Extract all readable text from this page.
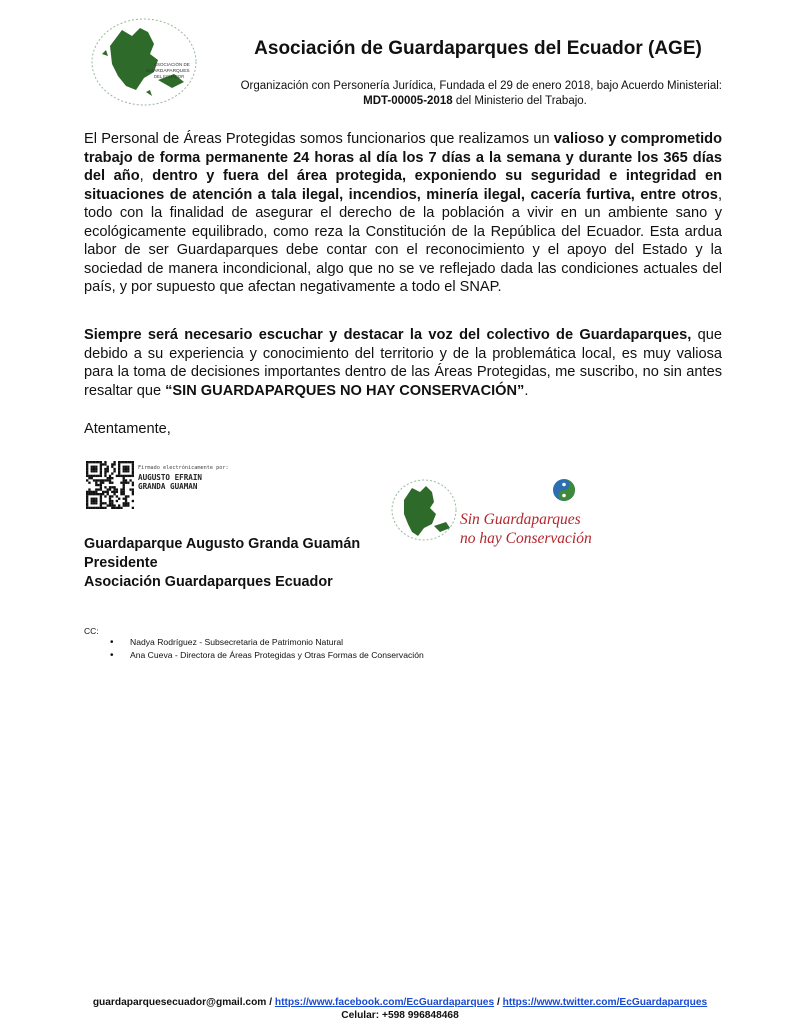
ASOCIACIÓN DE
GUARDAPARQUES
DEL ECUADOR
Asociación de Guardaparques del Ecuador (AGE)
Organización con Personería Jurídica, Fundada el 29 de enero 2018, bajo Acuerdo Ministerial:
MDT-00005-2018 del Ministerio del Trabajo.
El Personal de Áreas Protegidas somos funcionarios que realizamos un valioso y comprometido trabajo de forma permanente 24 horas al día los 7 días a la semana y durante los 365 días del año, dentro y fuera del área protegida, exponiendo su seguridad e integridad en situaciones de atención a tala ilegal, incendios, minería ilegal, cacería furtiva, entre otros, todo con la finalidad de asegurar el derecho de la población a vivir en un ambiente sano y ecológicamente equilibrado, como reza la Constitución de la República del Ecuador. Esta ardua labor de ser Guardaparques debe contar con el reconocimiento y el apoyo del Estado y la sociedad de manera incondicional, algo que no se ve reflejado dada las condiciones actuales del país, y por supuesto que afectan negativamente a todo el SNAP.
Siempre será necesario escuchar y destacar la voz del colectivo de Guardaparques, que debido a su experiencia y conocimiento del territorio y de la problemática local, es muy valiosa para la toma de decisiones importantes dentro de las Áreas Protegidas, me suscribo, no sin antes resaltar que “SIN GUARDAPARQUES NO HAY CONSERVACIÓN”.
Atentamente,
Firmado electrónicamente por:
AUGUSTO EFRAIN
GRANDA GUAMAN
Sin Guardaparques
no hay Conservación
Guardaparque Augusto Granda Guamán
Presidente
Asociación Guardaparques Ecuador
CC:
• Nadya Rodríguez - Subsecretaria de Patrimonio Natural
• Ana Cueva - Directora de Áreas Protegidas y Otras Formas de Conservación
guardaparquesecuador@gmail.com / https://www.facebook.com/EcGuardaparques / https://www.twitter.com/EcGuardaparques
Celular: +598 996848468
